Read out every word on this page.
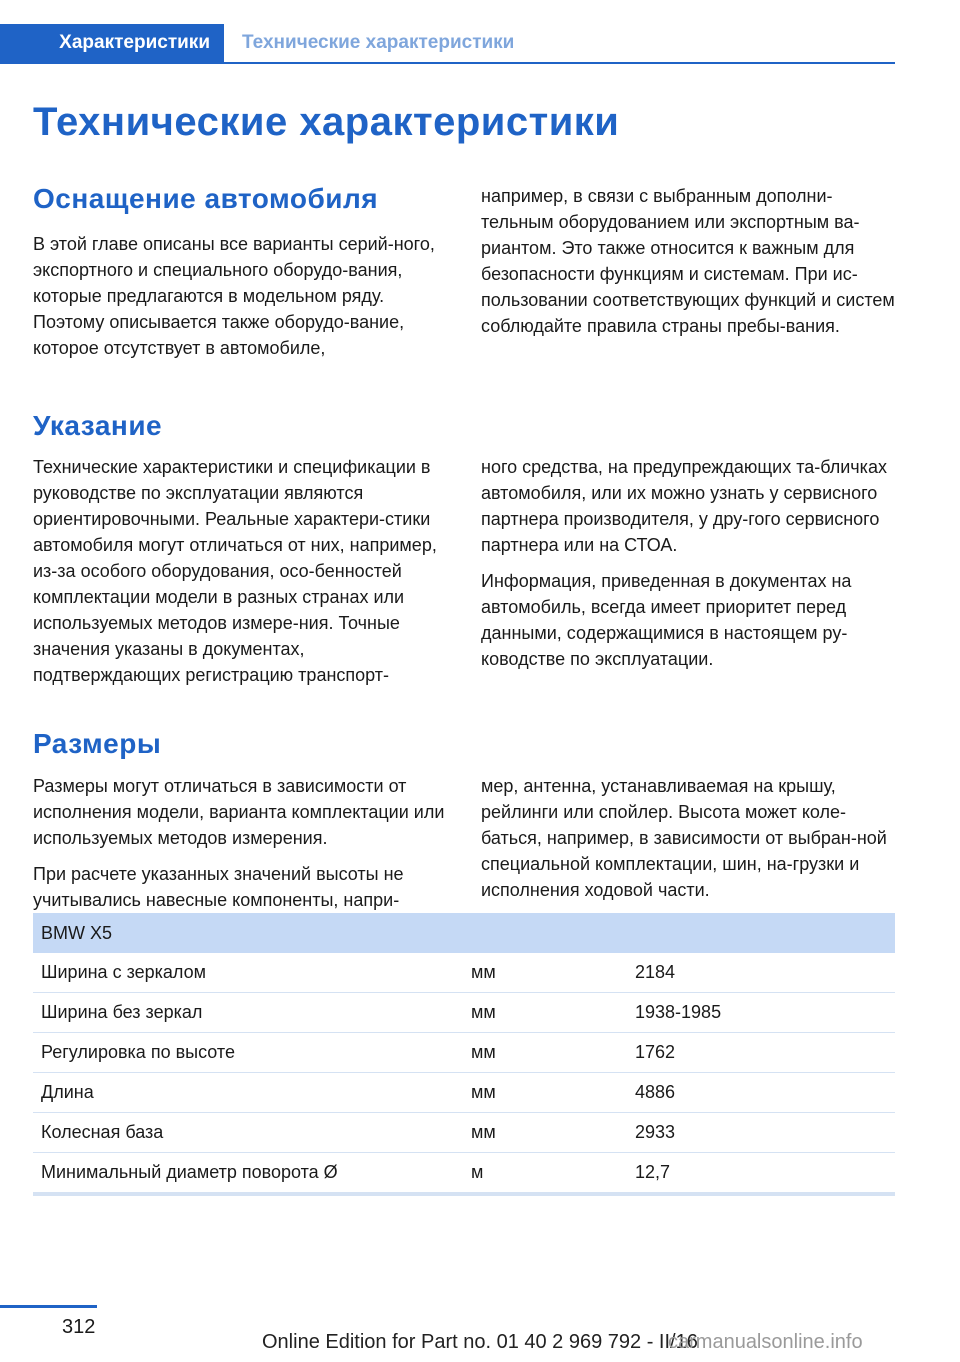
Характеристики	Технические характеристики
Технические характеристики
Оснащение автомобиля

В этой главе описаны все варианты серий-ного, экспортного и специального оборудо-вания, которые предлагаются в модельном ряду. Поэтому описывается также оборудо-вание, которое отсутствует в автомобиле,

например, в связи с выбранным дополни-тельным оборудованием или экспортным ва-риантом. Это также относится к важным для безопасности функциям и системам. При ис-пользовании соответствующих функций и систем соблюдайте правила страны пребы-вания.

Указание

Технические характеристики и спецификации в руководстве по эксплуатации являются ориентировочными. Реальные характери-стики автомобиля могут отличаться от них, например, из-за особого оборудования, осо-бенностей комплектации модели в разных странах или используемых методов измере-ния. Точные значения указаны в документах, подтверждающих регистрацию транспорт-

ного средства, на предупреждающих та-бличках автомобиля, или их можно узнать у сервисного партнера производителя, у дру-гого сервисного партнера или на СТОА.

Информация, приведенная в документах на автомобиль, всегда имеет приоритет перед данными, содержащимися в настоящем ру-ководстве по эксплуатации.

Размеры

Размеры могут отличаться в зависимости от исполнения модели, варианта комплектации или используемых методов измерения.

При расчете указанных значений высоты не учитывались навесные компоненты, напри-

мер, антенна, устанавливаемая на крышу, рейлинги или спойлер. Высота может коле-баться, например, в зависимости от выбран-ной специальной комплектации, шин, на-грузки и исполнения ходовой части.

BMW X5		
Ширина с зеркалом	мм	2184
Ширина без зеркал	мм	1938-1985
Регулировка по высоте	мм	1762
Длина	мм	4886
Колесная база	мм	2933
Минимальный диаметр поворота Ø	м	12,7
312
Online Edition for Part no. 01 40 2 969 792 - II/16
carmanualsonline.info
